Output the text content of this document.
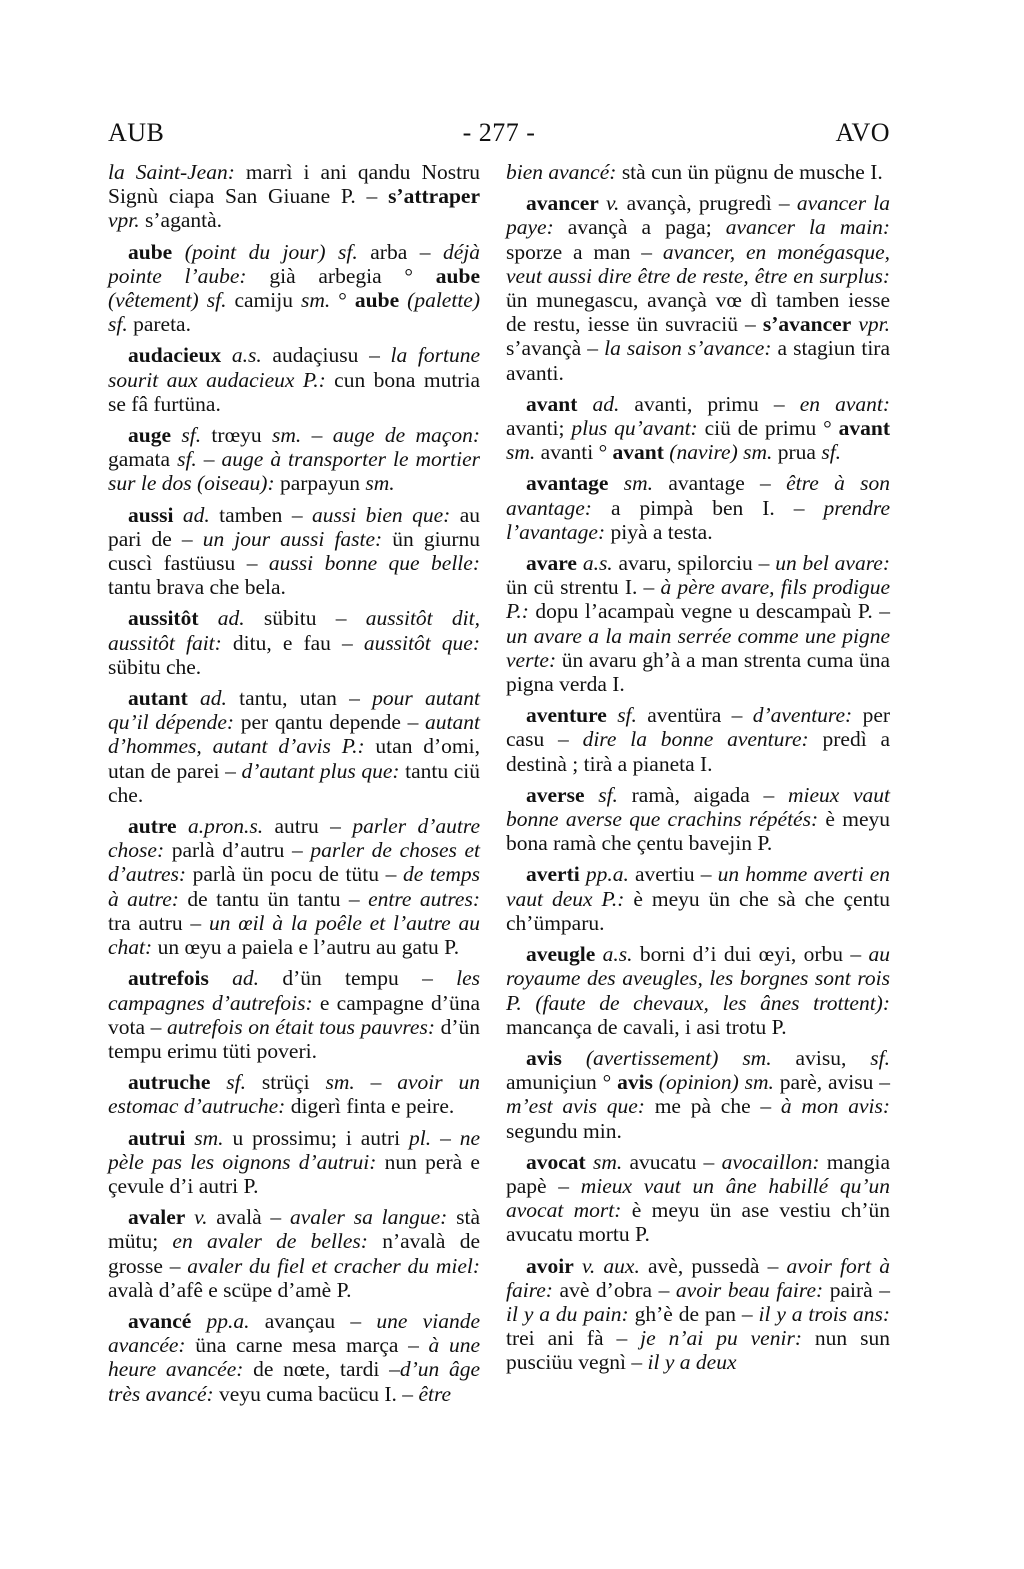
AUB	- 277 -	AVO

la Saint-Jean: marrì i ani qandu Nostru Signù ciapa San Giuane P. – s’attraper vpr. s’agantà.

aube (point du jour) sf. arba – déjà pointe l’aube: già arbegia ° aube (vêtement) sf. camiju sm. ° aube (palette) sf. pareta.

audacieux a.s. audaçiusu – la fortune sourit aux audacieux P.: cun bona mutria se fâ furtüna.

auge sf. trœyu sm. – auge de maçon: gamata sf. – auge à transporter le mortier sur le dos (oiseau): parpayun sm.

aussi ad. tamben – aussi bien que: au pari de – un jour aussi faste: ün giurnu cuscì fastüusu – aussi bonne que belle: tantu brava che bela.

aussitôt ad. sübitu – aussitôt dit, aussitôt fait: ditu, e fau – aussitôt que: sübitu che.

autant ad. tantu, utan – pour autant qu’il dépende: per qantu depende – autant d’hommes, autant d’avis P.: utan d’omi, utan de parei – d’autant plus que: tantu ciü che.

autre a.pron.s. autru – parler d’autre chose: parlà d’autru – parler de choses et d’autres: parlà ün pocu de tütu – de temps à autre: de tantu ün tantu – entre autres: tra autru – un œil à la poêle et l’autre au chat: un œyu a paiela e l’autru au gatu P.

autrefois ad. d’ün tempu – les campagnes d’autrefois: e campagne d’üna vota – autrefois on était tous pauvres: d’ün tempu erimu tüti poveri.

autruche sf. strüçi sm. – avoir un estomac d’autruche: digerì finta e peire.

autrui sm. u prossimu; i autri pl. – ne pèle pas les oignons d’autrui: nun perà e çevule d’i autri P.

avaler v. avalà – avaler sa langue: stà mütu; en avaler de belles: n’avalà de grosse – avaler du fiel et cracher du miel: avalà d’afê e scüpe d’amè P.

avancé pp.a. avançau – une viande avancée: üna carne mesa marça – à une heure avancée: de nœte, tardi –d’un âge très avancé: veyu cuma bacücu I. – être

bien avancé: stà cun ün pügnu de musche I.

avancer v. avançà, prugredì – avancer la paye: avançà a paga; avancer la main: sporze a man – avancer, en monégasque, veut aussi dire être de reste, être en surplus: ün munegascu, avançà vœ dì tamben iesse de restu, iesse ün suvraciü – s’avancer vpr. s’avançà – la saison s’avance: a stagiun tira avanti.

avant ad. avanti, primu – en avant: avanti; plus qu’avant: ciü de primu ° avant sm. avanti ° avant (navire) sm. prua sf.

avantage sm. avantage – être à son avantage: a pimpà ben I. – prendre l’avantage: piyà a testa.

avare a.s. avaru, spilorciu – un bel avare: ün cü strentu I. – à père avare, fils prodigue P.: dopu l’acampaù vegne u descampaù P. – un avare a la main serrée comme une pigne verte: ün avaru gh’à a man strenta cuma üna pigna verda I.

aventure sf. aventüra – d’aventure: per casu – dire la bonne aventure: predì a destinà ; tirà a pianeta I.

averse sf. ramà, aigada – mieux vaut bonne averse que crachins répétés: è meyu bona ramà che çentu bavejin P.

averti pp.a. avertiu – un homme averti en vaut deux P.: è meyu ün che sà che çentu ch’ümparu.

aveugle a.s. borni d’i dui œyi, orbu – au royaume des aveugles, les borgnes sont rois P. (faute de chevaux, les ânes trottent): mancança de cavali, i asi trotu P.

avis (avertissement) sm. avisu, sf. amuniçiun ° avis (opinion) sm. parè, avisu – m’est avis que: me pà che – à mon avis: segundu min.

avocat sm. avucatu – avocaillon: mangia papè – mieux vaut un âne habillé qu’un avocat mort: è meyu ün ase vestiu ch’ün avucatu mortu P.

avoir v. aux. avè, pussedà – avoir fort à faire: avè d’obra – avoir beau faire: pairà – il y a du pain: gh’è de pan – il y a trois ans: trei ani fà – je n’ai pu venir: nun sun pusciüu vegnì – il y a deux
